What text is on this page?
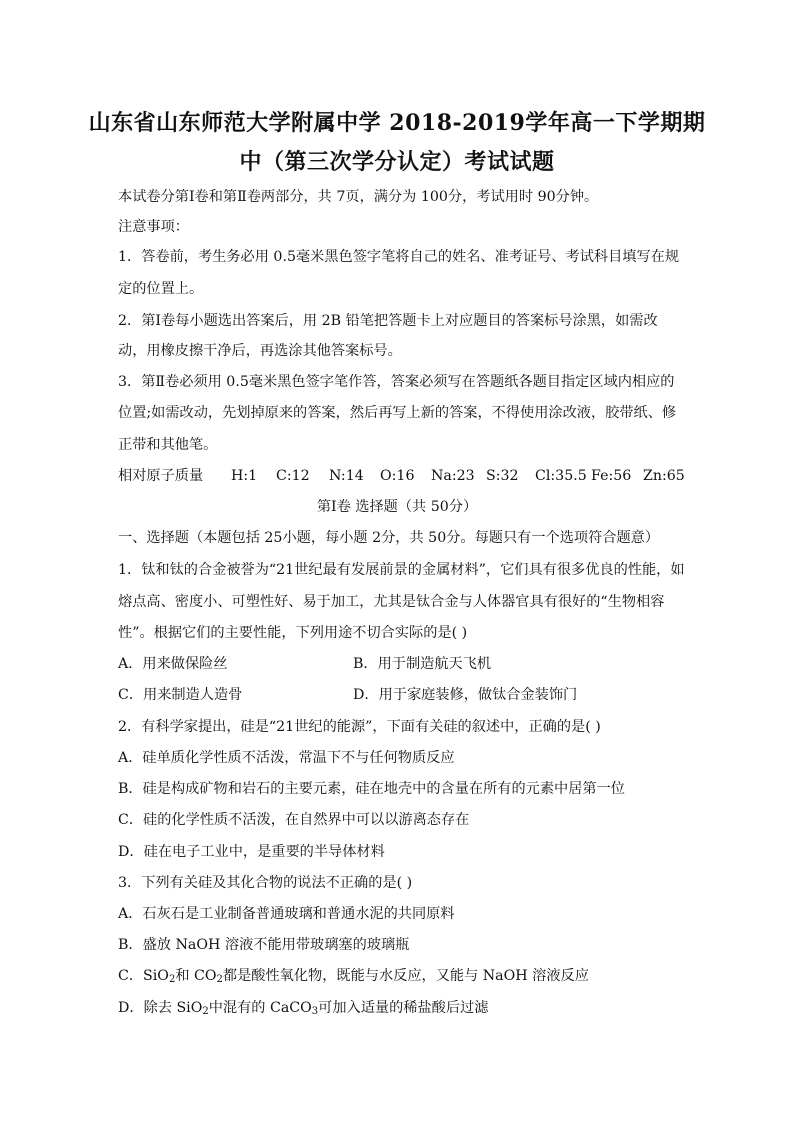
山东省山东师范大学附属中学 2018-2019学年高一下学期期
中（第三次学分认定）考试试题
本试卷分第Ⅰ卷和第Ⅱ卷两部分，共 7页，满分为 100分，考试用时 90分钟。
注意事项：
1．答卷前，考生务必用 0.5毫米黑色签字笔将自己的姓名、准考证号、考试科目填写在规
定的位置上。
2．第Ⅰ卷每小题选出答案后，用 2B 铅笔把答题卡上对应题目的答案标号涂黑，如需改
动，用橡皮擦干净后，再选涂其他答案标号。
3．第Ⅱ卷必须用 0.5毫米黑色签字笔作答，答案必须写在答题纸各题目指定区域内相应的
位置;如需改动，先划掉原来的答案，然后再写上新的答案，不得使用涂改液，胶带纸、修
正带和其他笔。
相对原子质量 H:1 C:12 N:14 O:16 Na:23 S:32 Cl:35.5 Fe:56 Zn:65
第Ⅰ卷 选择题（共 50分）
一、选择题（本题包括 25小题，每小题 2分，共 50分。每题只有一个选项符合题意）
1．钛和钛的合金被誉为“21世纪最有发展前景的金属材料”，它们具有很多优良的性能，如
熔点高、密度小、可塑性好、易于加工，尤其是钛合金与人体器官具有很好的“生物相容
性”。根据它们的主要性能，下列用途不切合实际的是( )
A．用来做保险丝	B．用于制造航天飞机
C．用来制造人造骨	D．用于家庭装修，做钛合金装饰门
2．有科学家提出，硅是“21世纪的能源”，下面有关硅的叙述中，正确的是( )
A．硅单质化学性质不活泼，常温下不与任何物质反应
B．硅是构成矿物和岩石的主要元素，硅在地壳中的含量在所有的元素中居第一位
C．硅的化学性质不活泼，在自然界中可以以游离态存在
D．硅在电子工业中，是重要的半导体材料
3．下列有关硅及其化合物的说法不正确的是( )
A．石灰石是工业制备普通玻璃和普通水泥的共同原料
B．盛放 NaOH 溶液不能用带玻璃塞的玻璃瓶
C．SiO$_2$和 $CO_2$都是酸性氧化物，既能与水反应，又能与 NaOH 溶液反应
D．除去 SiO$_2$中混有的 CaCO$_3$可加入适量的稀盐酸后过滤
